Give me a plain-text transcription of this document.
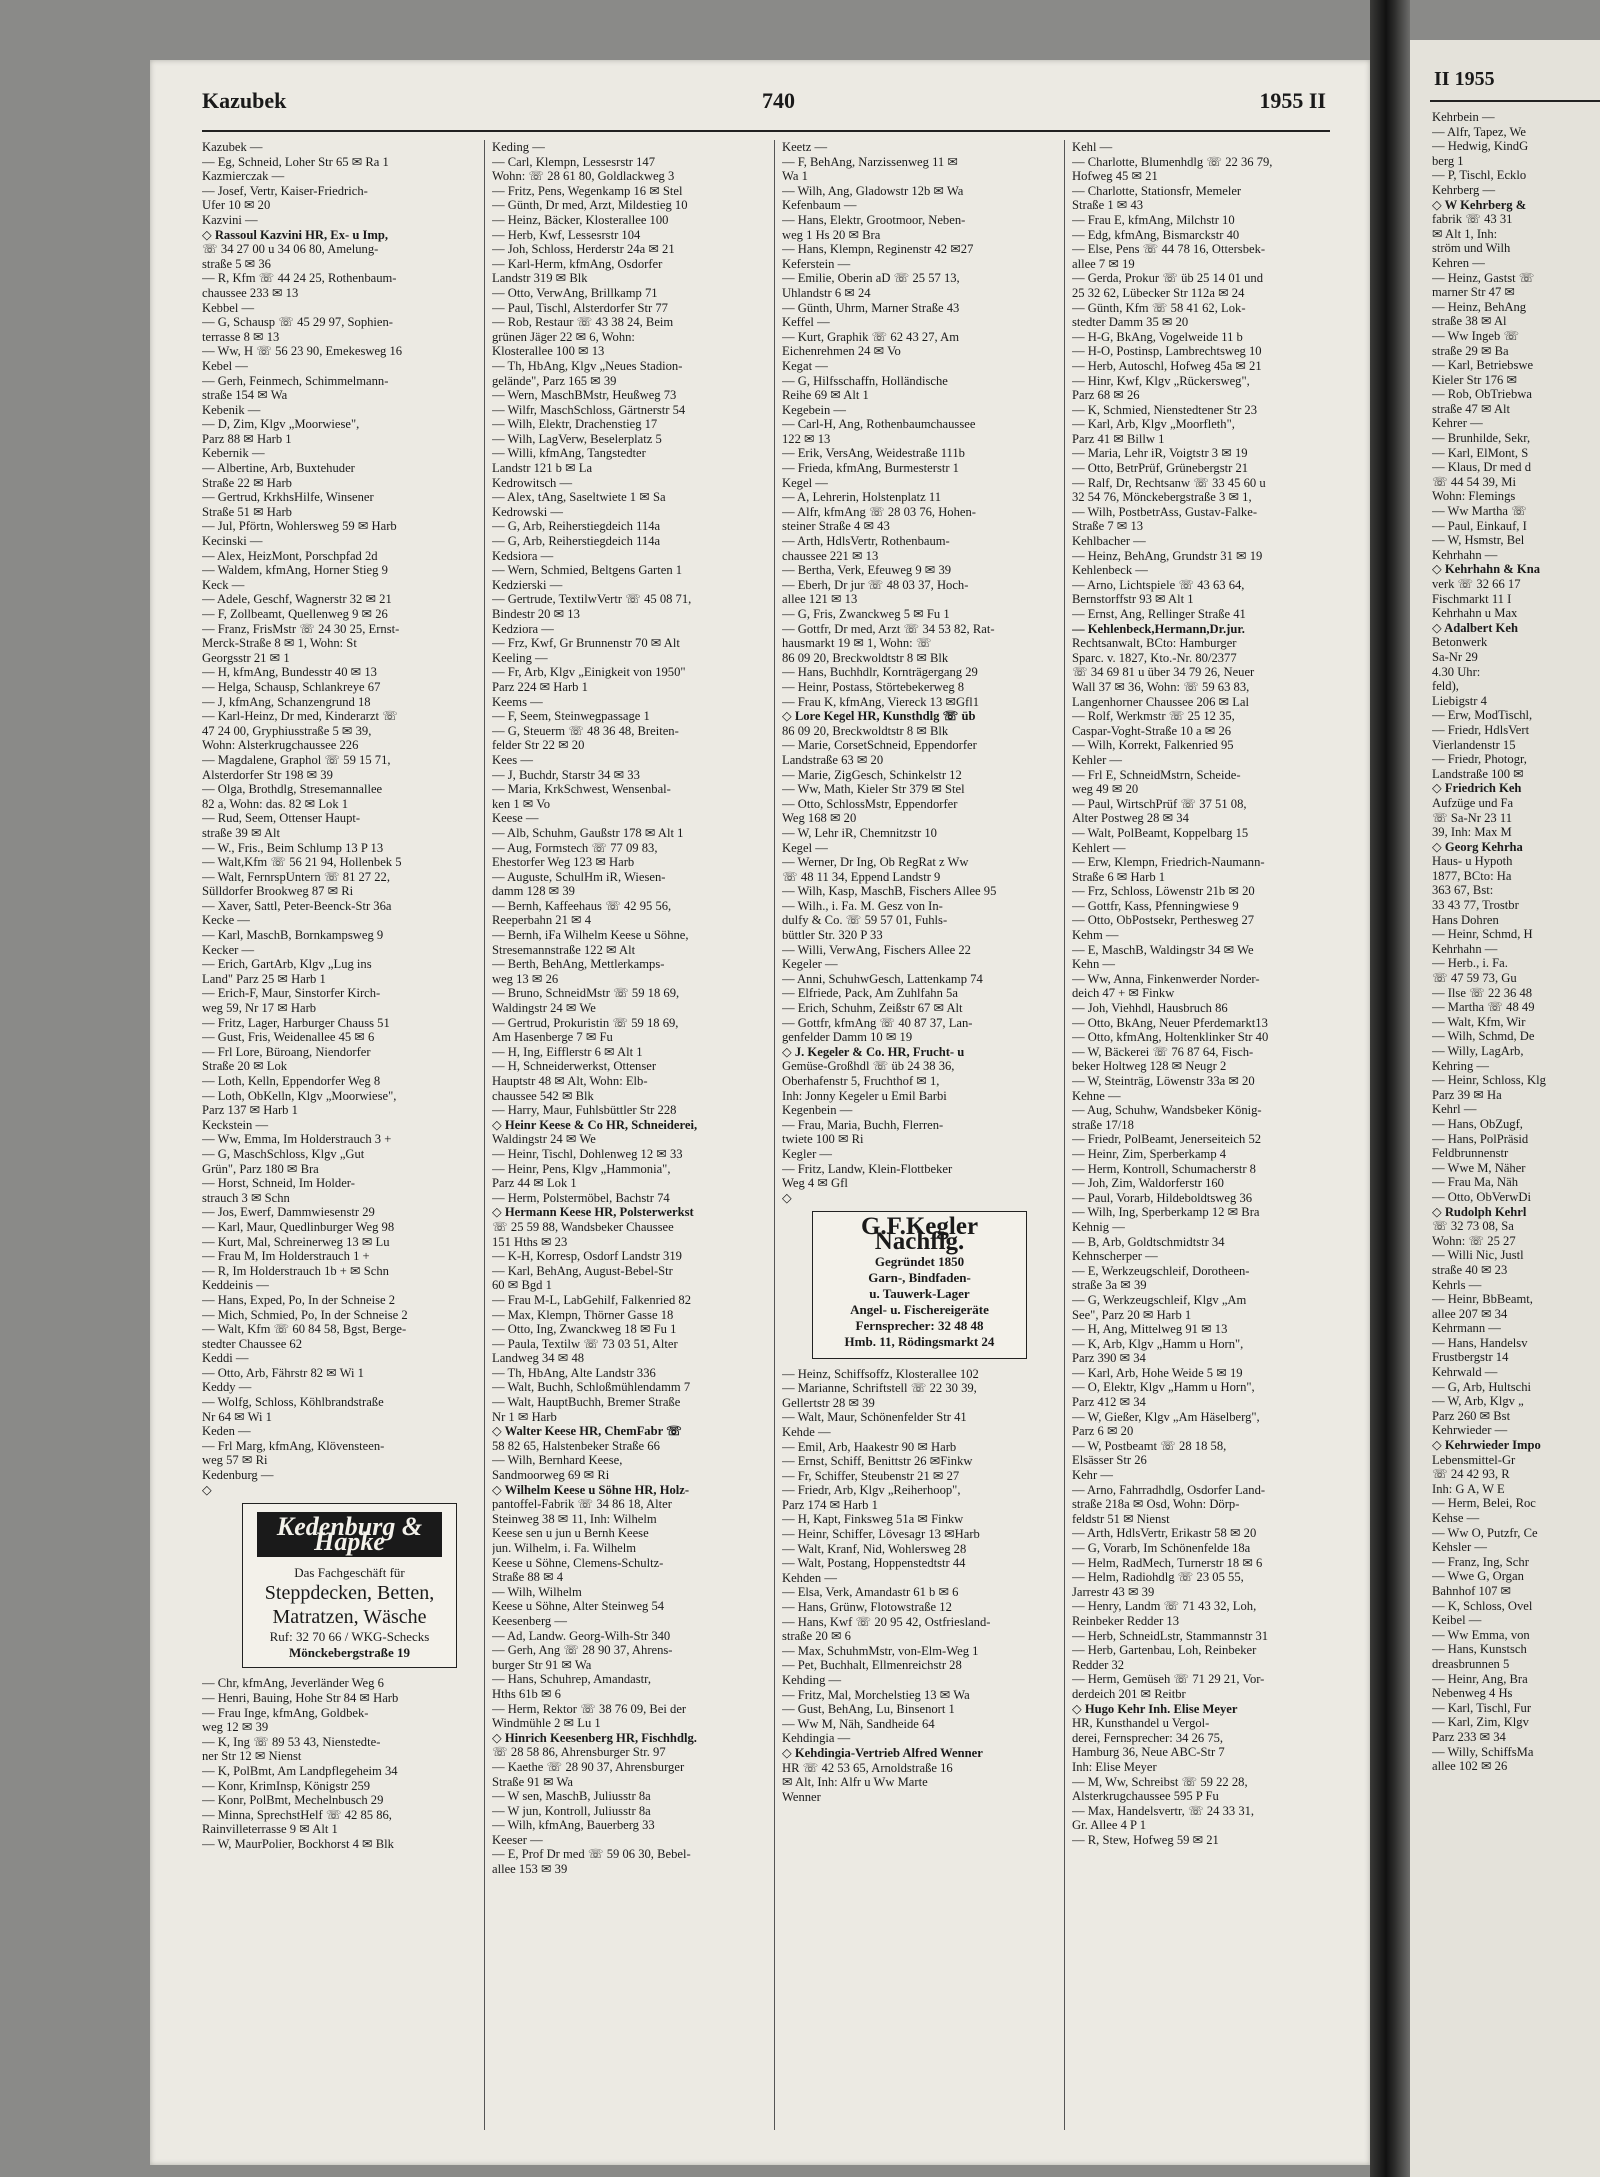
Kazubek	740	1955 II
Kazubek —
— Eg, Schneid, Loher Str 65 ✉ Ra 1
Kazmierczak —
— Josef, Vertr, Kaiser-Friedrich-
Ufer 10 ✉ 20
Kazvini —
◇ Rassoul Kazvini HR, Ex- u Imp,
☏ 34 27 00 u 34 06 80, Amelung-
straße 5 ✉ 36
— R, Kfm ☏ 44 24 25, Rothenbaum-
chaussee 233 ✉ 13
Kebbel —
— G, Schausp ☏ 45 29 97, Sophien-
terrasse 8 ✉ 13
— Ww, H ☏ 56 23 90, Emekesweg 16
Kebel —
— Gerh, Feinmech, Schimmelmann-
straße 154 ✉ Wa
Kebenik —
— D, Zim, Klgv „Moorwiese",
Parz 88 ✉ Harb 1
Kebernik —
— Albertine, Arb, Buxtehuder
Straße 22 ✉ Harb
— Gertrud, KrkhsHilfe, Winsener
Straße 51 ✉ Harb
— Jul, Pförtn, Wohlersweg 59 ✉ Harb
Kecinski —
— Alex, HeizMont, Porschpfad 2d
— Waldem, kfmAng, Horner Stieg 9
Keck —
— Adele, Geschf, Wagnerstr 32 ✉ 21
— F, Zollbeamt, Quellenweg 9 ✉ 26
— Franz, FrisMstr ☏ 24 30 25, Ernst-
Merck-Straße 8 ✉ 1, Wohn: St
Georgsstr 21 ✉ 1
— H, kfmAng, Bundesstr 40 ✉ 13
— Helga, Schausp, Schlankreye 67
— J, kfmAng, Schanzengrund 18
— Karl-Heinz, Dr med, Kinderarzt ☏
47 24 00, Gryphiusstraße 5 ✉ 39,
Wohn: Alsterkrugchaussee 226
— Magdalene, Graphol ☏ 59 15 71,
Alsterdorfer Str 198 ✉ 39
— Olga, Brothdlg, Stresemannallee
82 a, Wohn: das. 82 ✉ Lok 1
— Rud, Seem, Ottenser Haupt-
straße 39 ✉ Alt
— W., Fris., Beim Schlump 13 P 13
— Walt,Kfm ☏ 56 21 94, Hollenbek 5
— Walt, FernrspUntern ☏ 81 27 22,
Sülldorfer Brookweg 87 ✉ Ri
— Xaver, Sattl, Peter-Beenck-Str 36a
Kecke —
— Karl, MaschB, Bornkampsweg 9
Kecker —
— Erich, GartArb, Klgv „Lug ins
Land" Parz 25 ✉ Harb 1
— Erich-F, Maur, Sinstorfer Kirch-
weg 59, Nr 17 ✉ Harb
— Fritz, Lager, Harburger Chauss 51
— Gust, Fris, Weidenallee 45 ✉ 6
— Frl Lore, Büroang, Niendorfer
Straße 20 ✉ Lok
— Loth, Kelln, Eppendorfer Weg 8
— Loth, ObKelln, Klgv „Moorwiese",
Parz 137 ✉ Harb 1
Keckstein —
— Ww, Emma, Im Holderstrauch 3 +
— G, MaschSchloss, Klgv „Gut
Grün", Parz 180 ✉ Bra
— Horst, Schneid, Im Holder-
strauch 3 ✉ Schn
— Jos, Ewerf, Dammwiesenstr 29
— Karl, Maur, Quedlinburger Weg 98
— Kurt, Mal, Schreinerweg 13 ✉ Lu
— Frau M, Im Holderstrauch 1 +
— R, Im Holderstrauch 1b + ✉ Schn
Keddeinis —
— Hans, Exped, Po, In der Schneise 2
— Mich, Schmied, Po, In der Schneise 2
— Walt, Kfm ☏ 60 84 58, Bgst, Berge-
stedter Chaussee 62
Keddi —
— Otto, Arb, Fährstr 82 ✉ Wi 1
Keddy —
— Wolfg, Schloss, Köhlbrandstraße
Nr 64 ✉ Wi 1
Keden —
— Frl Marg, kfmAng, Klövensteen-
weg 57 ✉ Ri
Kedenburg —
◇
Kedenburg & Hapke
Das Fachgeschäft für
Steppdecken, Betten,
Matratzen, Wäsche
Ruf: 32 70 66 / WKG-Schecks
Mönckebergstraße 19
— Chr, kfmAng, Jeverländer Weg 6
— Henri, Bauing, Hohe Str 84 ✉ Harb
— Frau Inge, kfmAng, Goldbek-
weg 12 ✉ 39
— K, Ing ☏ 89 53 43, Nienstedte-
ner Str 12 ✉ Nienst
— K, PolBmt, Am Landpflegeheim 34
— Konr, KrimInsp, Königstr 259
— Konr, PolBmt, Mechelnbusch 29
— Minna, SprechstHelf ☏ 42 85 86,
Rainvilleterrasse 9 ✉ Alt 1
— W, MaurPolier, Bockhorst 4 ✉ Blk
Keding —
— Carl, Klempn, Lessesrstr 147
Wohn: ☏ 28 61 80, Goldlackweg 3
— Fritz, Pens, Wegenkamp 16 ✉ Stel
— Günth, Dr med, Arzt, Mildestieg 10
— Heinz, Bäcker, Klosterallee 100
— Herb, Kwf, Lessesrstr 104
— Joh, Schloss, Herderstr 24a ✉ 21
— Karl-Herm, kfmAng, Osdorfer
Landstr 319 ✉ Blk
— Otto, VerwAng, Brillkamp 71
— Paul, Tischl, Alsterdorfer Str 77
— Rob, Restaur ☏ 43 38 24, Beim
grünen Jäger 22 ✉ 6, Wohn:
Klosterallee 100 ✉ 13
— Th, HbAng, Klgv „Neues Stadion-
gelände", Parz 165 ✉ 39
— Wern, MaschBMstr, Heußweg 73
— Wilfr, MaschSchloss, Gärtnerstr 54
— Wilh, Elektr, Drachenstieg 17
— Wilh, LagVerw, Beselerplatz 5
— Willi, kfmAng, Tangstedter
Landstr 121 b ✉ La
Kedrowitsch —
— Alex, tAng, Saseltwiete 1 ✉ Sa
Kedrowski —
— G, Arb, Reiherstiegdeich 114a
— G, Arb, Reiherstiegdeich 114a
Kedsiora —
— Wern, Schmied, Beltgens Garten 1
Kedzierski —
— Gertrude, TextilwVertr ☏ 45 08 71,
Bindestr 20 ✉ 13
Kedziora —
— Frz, Kwf, Gr Brunnenstr 70 ✉ Alt
Keeling —
— Fr, Arb, Klgv „Einigkeit von 1950"
Parz 224 ✉ Harb 1
Keems —
— F, Seem, Steinwegpassage 1
— G, Steuerm ☏ 48 36 48, Breiten-
felder Str 22 ✉ 20
Kees —
— J, Buchdr, Starstr 34 ✉ 33
— Maria, KrkSchwest, Wensenbal-
ken 1 ✉ Vo
Keese —
— Alb, Schuhm, Gaußstr 178 ✉ Alt 1
— Aug, Formstech ☏ 77 09 83,
Ehestorfer Weg 123 ✉ Harb
— Auguste, SchulHm iR, Wiesen-
damm 128 ✉ 39
— Bernh, Kaffeehaus ☏ 42 95 56,
Reeperbahn 21 ✉ 4
— Bernh, iFa Wilhelm Keese u Söhne,
Stresemannstraße 122 ✉ Alt
— Berth, BehAng, Mettlerkamps-
weg 13 ✉ 26
— Bruno, SchneidMstr ☏ 59 18 69,
Waldingstr 24 ✉ We
— Gertrud, Prokuristin ☏ 59 18 69,
Am Hasenberge 7 ✉ Fu
— H, Ing, Eifflerstr 6 ✉ Alt 1
— H, Schneiderwerkst, Ottenser
Hauptstr 48 ✉ Alt, Wohn: Elb-
chaussee 542 ✉ Blk
— Harry, Maur, Fuhlsbüttler Str 228
◇ Heinr Keese & Co HR, Schneiderei,
Waldingstr 24 ✉ We
— Heinr, Tischl, Dohlenweg 12 ✉ 33
— Heinr, Pens, Klgv „Hammonia",
Parz 44 ✉ Lok 1
— Herm, Polstermöbel, Bachstr 74
◇ Hermann Keese HR, Polsterwerkst
☏ 25 59 88, Wandsbeker Chaussee
151 Hths ✉ 23
— K-H, Korresp, Osdorf Landstr 319
— Karl, BehAng, August-Bebel-Str
60 ✉ Bgd 1
— Frau M-L, LabGehilf, Falkenried 82
— Max, Klempn, Thörner Gasse 18
— Otto, Ing, Zwanckweg 18 ✉ Fu 1
— Paula, Textilw ☏ 73 03 51, Alter
Landweg 34 ✉ 48
— Th, HbAng, Alte Landstr 336
— Walt, Buchh, Schloßmühlendamm 7
— Walt, HauptBuchh, Bremer Straße
Nr 1 ✉ Harb
◇ Walter Keese HR, ChemFabr ☏
58 82 65, Halstenbeker Straße 66
— Wilh, Bernhard Keese,
Sandmoorweg 69 ✉ Ri
◇ Wilhelm Keese u Söhne HR, Holz-
pantoffel-Fabrik ☏ 34 86 18, Alter
Steinweg 38 ✉ 11, Inh: Wilhelm
Keese sen u jun u Bernh Keese
jun. Wilhelm, i. Fa. Wilhelm
Keese u Söhne, Clemens-Schultz-
Straße 88 ✉ 4
— Wilh, Wilhelm
Keese u Söhne, Alter Steinweg 54
Keesenberg —
— Ad, Landw. Georg-Wilh-Str 340
— Gerh, Ang ☏ 28 90 37, Ahrens-
burger Str 91 ✉ Wa
— Hans, Schuhrep, Amandastr,
Hths 61b ✉ 6
— Herm, Rektor ☏ 38 76 09, Bei der
Windmühle 2 ✉ Lu 1
◇ Hinrich Keesenberg HR, Fischhdlg.
☏ 28 58 86, Ahrensburger Str. 97
— Kaethe ☏ 28 90 37, Ahrensburger
Straße 91 ✉ Wa
— W sen, MaschB, Juliusstr 8a
— W jun, Kontroll, Juliusstr 8a
— Wilh, kfmAng, Bauerberg 33
Keeser —
— E, Prof Dr med ☏ 59 06 30, Bebel-
allee 153 ✉ 39
Keetz —
— F, BehAng, Narzissenweg 11 ✉
Wa 1
— Wilh, Ang, Gladowstr 12b ✉ Wa
Kefenbaum —
— Hans, Elektr, Grootmoor, Neben-
weg 1 Hs 20 ✉ Bra
— Hans, Klempn, Reginenstr 42 ✉27
Keferstein —
— Emilie, Oberin aD ☏ 25 57 13,
Uhlandstr 6 ✉ 24
— Günth, Uhrm, Marner Straße 43
Keffel —
— Kurt, Graphik ☏ 62 43 27, Am
Eichenrehmen 24 ✉ Vo
Kegat —
— G, Hilfsschaffn, Holländische
Reihe 69 ✉ Alt 1
Kegebein —
— Carl-H, Ang, Rothenbaumchaussee
122 ✉ 13
— Erik, VersAng, Weidestraße 111b
— Frieda, kfmAng, Burmesterstr 1
Kegel —
— A, Lehrerin, Holstenplatz 11
— Alfr, kfmAng ☏ 28 03 76, Hohen-
steiner Straße 4 ✉ 43
— Arth, HdlsVertr, Rothenbaum-
chaussee 221 ✉ 13
— Bertha, Verk, Efeuweg 9 ✉ 39
— Eberh, Dr jur ☏ 48 03 37, Hoch-
allee 121 ✉ 13
— G, Fris, Zwanckweg 5 ✉ Fu 1
— Gottfr, Dr med, Arzt ☏ 34 53 82, Rat-
hausmarkt 19 ✉ 1, Wohn: ☏
86 09 20, Breckwoldtstr 8 ✉ Blk
— Hans, Buchhdlr, Kornträgergang 29
— Heinr, Postass, Störtebekerweg 8
— Frau K, kfmAng, Viereck 13 ✉Gfl1
◇ Lore Kegel HR, Kunsthdlg ☏ üb
86 09 20, Breckwoldtstr 8 ✉ Blk
— Marie, CorsetSchneid, Eppendorfer
Landstraße 63 ✉ 20
— Marie, ZigGesch, Schinkelstr 12
— Ww, Math, Kieler Str 379 ✉ Stel
— Otto, SchlossMstr, Eppendorfer
Weg 168 ✉ 20
— W, Lehr iR, Chemnitzstr 10
Kegel —
— Werner, Dr Ing, Ob RegRat z Ww
☏ 48 11 34, Eppend Landstr 9
— Wilh, Kasp, MaschB, Fischers Allee 95
— Wilh., i. Fa. M. Gesz von In-
dulfy & Co. ☏ 59 57 01, Fuhls-
büttler Str. 320 P 33
— Willi, VerwAng, Fischers Allee 22
Kegeler —
— Anni, SchuhwGesch, Lattenkamp 74
— Elfriede, Pack, Am Zuhlfahn 5a
— Erich, Schuhm, Zeißstr 67 ✉ Alt
— Gottfr, kfmAng ☏ 40 87 37, Lan-
genfelder Damm 10 ✉ 19
◇ J. Kegeler & Co. HR, Frucht- u
Gemüse-Großhdl ☏ üb 24 38 36,
Oberhafenstr 5, Fruchthof ✉ 1,
Inh: Jonny Kegeler u Emil Barbi
Kegenbein —
— Frau, Maria, Buchh, Flerren-
twiete 100 ✉ Ri
Kegler —
— Fritz, Landw, Klein-Flottbeker
Weg 4 ✉ Gfl
◇
G.F.Kegler Nachflg.
Gegründet 1850
Garn-, Bindfaden-
u. Tauwerk-Lager
Angel- u. Fischereigeräte
Fernsprecher: 32 48 48
Hmb. 11, Rödingsmarkt 24
— Heinz, Schiffsoffz, Klosterallee 102
— Marianne, Schriftstell ☏ 22 30 39,
Gellertstr 28 ✉ 39
— Walt, Maur, Schönenfelder Str 41
Kehde —
— Emil, Arb, Haakestr 90 ✉ Harb
— Ernst, Schiff, Benittstr 26 ✉Finkw
— Fr, Schiffer, Steubenstr 21 ✉ 27
— Friedr, Arb, Klgv „Reiherhoop",
Parz 174 ✉ Harb 1
— H, Kapt, Finksweg 51a ✉ Finkw
— Heinr, Schiffer, Lövesagr 13 ✉Harb
— Walt, Kranf, Nid, Wohlersweg 28
— Walt, Postang, Hoppenstedtstr 44
Kehden —
— Elsa, Verk, Amandastr 61 b ✉ 6
— Hans, Grünw, Flotowstraße 12
— Hans, Kwf ☏ 20 95 42, Ostfriesland-
straße 20 ✉ 6
— Max, SchuhmMstr, von-Elm-Weg 1
— Pet, Buchhalt, Ellmenreichstr 28
Kehding —
— Fritz, Mal, Morchelstieg 13 ✉ Wa
— Gust, BehAng, Lu, Binsenort 1
— Ww M, Näh, Sandheide 64
Kehdingia —
◇ Kehdingia-Vertrieb Alfred Wenner
HR ☏ 42 53 65, Arnoldstraße 16
✉ Alt, Inh: Alfr u Ww Marte
Wenner
Kehl —
— Charlotte, Blumenhdlg ☏ 22 36 79,
Hofweg 45 ✉ 21
— Charlotte, Stationsfr, Memeler
Straße 1 ✉ 43
— Frau E, kfmAng, Milchstr 10
— Edg, kfmAng, Bismarckstr 40
— Else, Pens ☏ 44 78 16, Ottersbek-
allee 7 ✉ 19
— Gerda, Prokur ☏ üb 25 14 01 und
25 32 62, Lübecker Str 112a ✉ 24
— Günth, Kfm ☏ 58 41 62, Lok-
stedter Damm 35 ✉ 20
— H-G, BkAng, Vogelweide 11 b
— H-O, Postinsp, Lambrechtsweg 10
— Herb, Autoschl, Hofweg 45a ✉ 21
— Hinr, Kwf, Klgv „Rückersweg",
Parz 68 ✉ 26
— K, Schmied, Nienstedtener Str 23
— Karl, Arb, Klgv „Moorfleth",
Parz 41 ✉ Billw 1
— Maria, Lehr iR, Voigtstr 3 ✉ 19
— Otto, BetrPrüf, Grünebergstr 21
— Ralf, Dr, Rechtsanw ☏ 33 45 60 u
32 54 76, Mönckebergstraße 3 ✉ 1,
— Wilh, PostbetrAss, Gustav-Falke-
Straße 7 ✉ 13
Kehlbacher —
— Heinz, BehAng, Grundstr 31 ✉ 19
Kehlenbeck —
— Arno, Lichtspiele ☏ 43 63 64,
Bernstorffstr 93 ✉ Alt 1
— Ernst, Ang, Rellinger Straße 41
— Kehlenbeck,Hermann,Dr.jur.
Rechtsanwalt, BCto: Hamburger
Sparc. v. 1827, Kto.-Nr. 80/2377
☏ 34 69 81 u über 34 79 26, Neuer
Wall 37 ✉ 36, Wohn: ☏ 59 63 83,
Langenhorner Chaussee 206 ✉ Lal
— Rolf, Werkmstr ☏ 25 12 35,
Caspar-Voght-Straße 10 a ✉ 26
— Wilh, Korrekt, Falkenried 95
Kehler —
— Frl E, SchneidMstrn, Scheide-
weg 49 ✉ 20
— Paul, WirtschPrüf ☏ 37 51 08,
Alter Postweg 28 ✉ 34
— Walt, PolBeamt, Koppelbarg 15
Kehlert —
— Erw, Klempn, Friedrich-Naumann-
Straße 6 ✉ Harb 1
— Frz, Schloss, Löwenstr 21b ✉ 20
— Gottfr, Kass, Pfenningwiese 9
— Otto, ObPostsekr, Perthesweg 27
Kehm —
— E, MaschB, Waldingstr 34 ✉ We
Kehn —
— Ww, Anna, Finkenwerder Norder-
deich 47 + ✉ Finkw
— Joh, Viehhdl, Hausbruch 86
— Otto, BkAng, Neuer Pferdemarkt13
— Otto, kfmAng, Holtenklinker Str 40
— W, Bäckerei ☏ 76 87 64, Fisch-
beker Holtweg 128 ✉ Neugr 2
— W, Steinträg, Löwenstr 33a ✉ 20
Kehne —
— Aug, Schuhw, Wandsbeker König-
straße 17/18
— Friedr, PolBeamt, Jenerseiteich 52
— Heinr, Zim, Sperberkamp 4
— Herm, Kontroll, Schumacherstr 8
— Joh, Zim, Waldorferstr 160
— Paul, Vorarb, Hildeboldtsweg 36
— Wilh, Ing, Sperberkamp 12 ✉ Bra
Kehnig —
— B, Arb, Goldtschmidtstr 34
Kehnscherper —
— E, Werkzeugschleif, Dorotheen-
straße 3a ✉ 39
— G, Werkzeugschleif, Klgv „Am
See", Parz 20 ✉ Harb 1
— H, Ang, Mittelweg 91 ✉ 13
— K, Arb, Klgv „Hamm u Horn",
Parz 390 ✉ 34
— Karl, Arb, Hohe Weide 5 ✉ 19
— O, Elektr, Klgv „Hamm u Horn",
Parz 412 ✉ 34
— W, Gießer, Klgv „Am Häselberg",
Parz 6 ✉ 20
— W, Postbeamt ☏ 28 18 58,
Elsässer Str 26
Kehr —
— Arno, Fahrradhdlg, Osdorfer Land-
straße 218a ✉ Osd, Wohn: Dörp-
feldstr 51 ✉ Nienst
— Arth, HdlsVertr, Erikastr 58 ✉ 20
— G, Vorarb, Im Schönenfelde 18a
— Helm, RadMech, Turnerstr 18 ✉ 6
— Helm, Radiohdlg ☏ 23 05 55,
Jarrestr 43 ✉ 39
— Henry, Landm ☏ 71 43 32, Loh,
Reinbeker Redder 13
— Herb, SchneidLstr, Stammannstr 31
— Herb, Gartenbau, Loh, Reinbeker
Redder 32
— Herm, Gemüseh ☏ 71 29 21, Vor-
derdeich 201 ✉ Reitbr
◇ Hugo Kehr Inh. Elise Meyer
HR, Kunsthandel u Vergol-
derei, Fernsprecher: 34 26 75,
Hamburg 36, Neue ABC-Str 7
Inh: Elise Meyer
— M, Ww, Schreibst ☏ 59 22 28,
Alsterkrugchaussee 595 P Fu
— Max, Handelsvertr, ☏ 24 33 31,
Gr. Allee 4 P 1
— R, Stew, Hofweg 59 ✉ 21
II 1955
Kehrbein —
— Alfr, Tapez, We
— Hedwig, KindG
berg 1
— P, Tischl, Ecklo
Kehrberg —
◇ W Kehrberg &
fabrik ☏ 43 31
✉ Alt 1, Inh:
ström und Wilh
Kehren —
— Heinz, Gastst ☏
marner Str 47 ✉
— Heinz, BehAng
straße 38 ✉ Al
— Ww Ingeb ☏
straße 29 ✉ Ba
— Karl, Betriebswe
Kieler Str 176 ✉
— Rob, ObTriebwa
straße 47 ✉ Alt
Kehrer —
— Brunhilde, Sekr,
— Karl, ElMont, S
— Klaus, Dr med d
☏ 44 54 39, Mi
Wohn: Flemings
— Ww Martha ☏
— Paul, Einkauf, I
— W, Hsmstr, Bel
Kehrhahn —
◇ Kehrhahn & Kna
verk ☏ 32 66 17
Fischmarkt 11 I
Kehrhahn u Max
◇ Adalbert Keh
Betonwerk
Sa-Nr 29
4.30 Uhr:
feld),
Liebigstr 4
— Erw, ModTischl,
— Friedr, HdlsVert
Vierlandenstr 15
— Friedr, Photogr,
Landstraße 100 ✉
◇ Friedrich Keh
Aufzüge und Fa
☏ Sa-Nr 23 11
39, Inh: Max M
◇ Georg Kehrha
Haus- u Hypoth
1877, BCto: Ha
363 67, Bst:
33 43 77, Trostbr
Hans Dohren
— Heinr, Schmd, H
Kehrhahn —
— Herb., i. Fa.
☏ 47 59 73, Gu
— Ilse ☏ 22 36 48
— Martha ☏ 48 49
— Walt, Kfm, Wir
— Wilh, Schmd, De
— Willy, LagArb,
Kehring —
— Heinr, Schloss, Klg
Parz 39 ✉ Ha
Kehrl —
— Hans, ObZugf,
— Hans, PolPräsid
Feldbrunnenstr
— Wwe M, Näher
— Frau Ma, Näh
— Otto, ObVerwDi
◇ Rudolph Kehrl
☏ 32 73 08, Sa
Wohn: ☏ 25 27
— Willi Nic, Justl
straße 40 ✉ 23
Kehrls —
— Heinr, BbBeamt,
allee 207 ✉ 34
Kehrmann —
— Hans, Handelsv
Frustbergstr 14
Kehrwald —
— G, Arb, Hultschi
— W, Arb, Klgv „
Parz 260 ✉ Bst
Kehrwieder —
◇ Kehrwieder Impo
Lebensmittel-Gr
☏ 24 42 93, R
Inh: G A, W E
— Herm, Belei, Roc
Kehse —
— Ww O, Putzfr, Ce
Kehsler —
— Franz, Ing, Schr
— Wwe G, Organ
Bahnhof 107 ✉
— K, Schloss, Ovel
Keibel —
— Ww Emma, von
— Hans, Kunstsch
dreasbrunnen 5
— Heinr, Ang, Bra
Nebenweg 4 Hs
— Karl, Tischl, Fur
— Karl, Zim, Klgv
Parz 233 ✉ 34
— Willy, SchiffsMa
allee 102 ✉ 26
